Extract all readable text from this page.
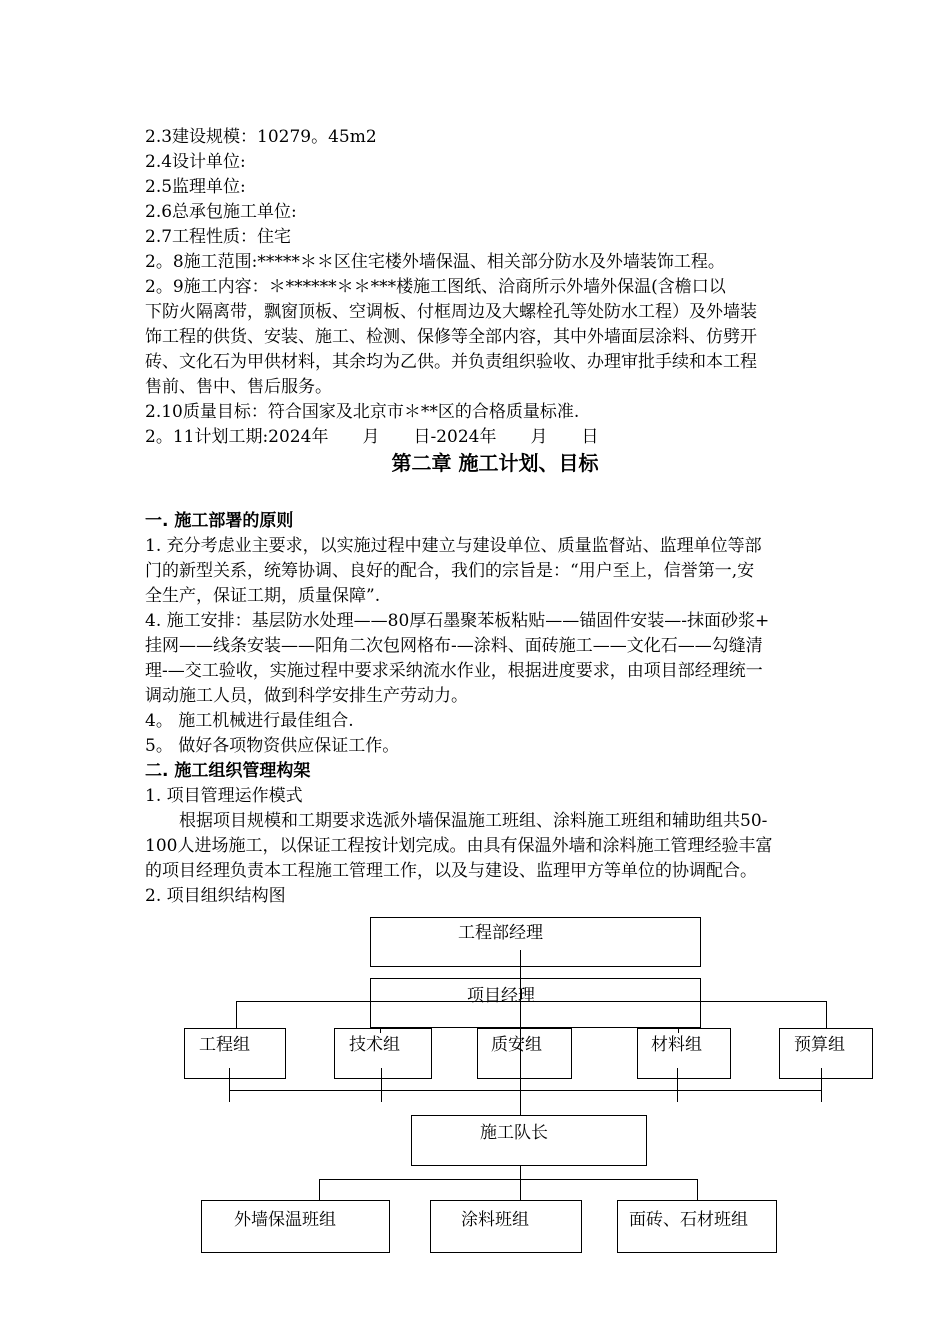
2.3建设规模：10279。45m2
2.4设计单位:
2.5监理单位:
2.6总承包施工单位:
2.7工程性质：住宅
2。8施工范围:*****＊＊区住宅楼外墙保温、相关部分防水及外墙装饰工程。
2。9施工内容：＊******＊＊***楼施工图纸、洽商所示外墙外保温(含檐口以
下防火隔离带，飘窗顶板、空调板、付框周边及大螺栓孔等处防水工程）及外墙装
饰工程的供货、安装、施工、检测、保修等全部内容，其中外墙面层涂料、仿劈开
砖、文化石为甲供材料，其余均为乙供。并负责组织验收、办理审批手续和本工程
售前、售中、售后服务。
2.10质量目标：符合国家及北京市＊**区的合格质量标准.
2。11计划工期:2024年　　月　　日-2024年　　月　　日
第二章 施工计划、目标
一. 施工部署的原则
1. 充分考虑业主要求，以实施过程中建立与建设单位、质量监督站、监理单位等部
门的新型关系，统筹协调、良好的配合，我们的宗旨是：“用户至上，信誉第一,安
全生产，保证工期，质量保障”.
4. 施工安排：基层防水处理——80厚石墨聚苯板粘贴——锚固件安装—-抹面砂浆+
挂网——线条安装——阳角二次包网格布-—涂料、面砖施工——文化石——勾缝清
理-—交工验收，实施过程中要求采纳流水作业，根据进度要求，由项目部经理统一
调动施工人员，做到科学安排生产劳动力。
4。 施工机械进行最佳组合.
5。 做好各项物资供应保证工作。
二. 施工组织管理构架
1. 项目管理运作模式
　　根据项目规模和工期要求选派外墙保温施工班组、涂料施工班组和辅助组共50-
100人进场施工，以保证工程按计划完成。由具有保温外墙和涂料施工管理经验丰富
的项目经理负责本工程施工管理工作，以及与建设、监理甲方等单位的协调配合。
2. 项目组织结构图
工程部经理
项目经理
工程组	技术组	质安组	材料组	预算组
施工队长
外墙保温班组	涂料班组	面砖、石材班组
